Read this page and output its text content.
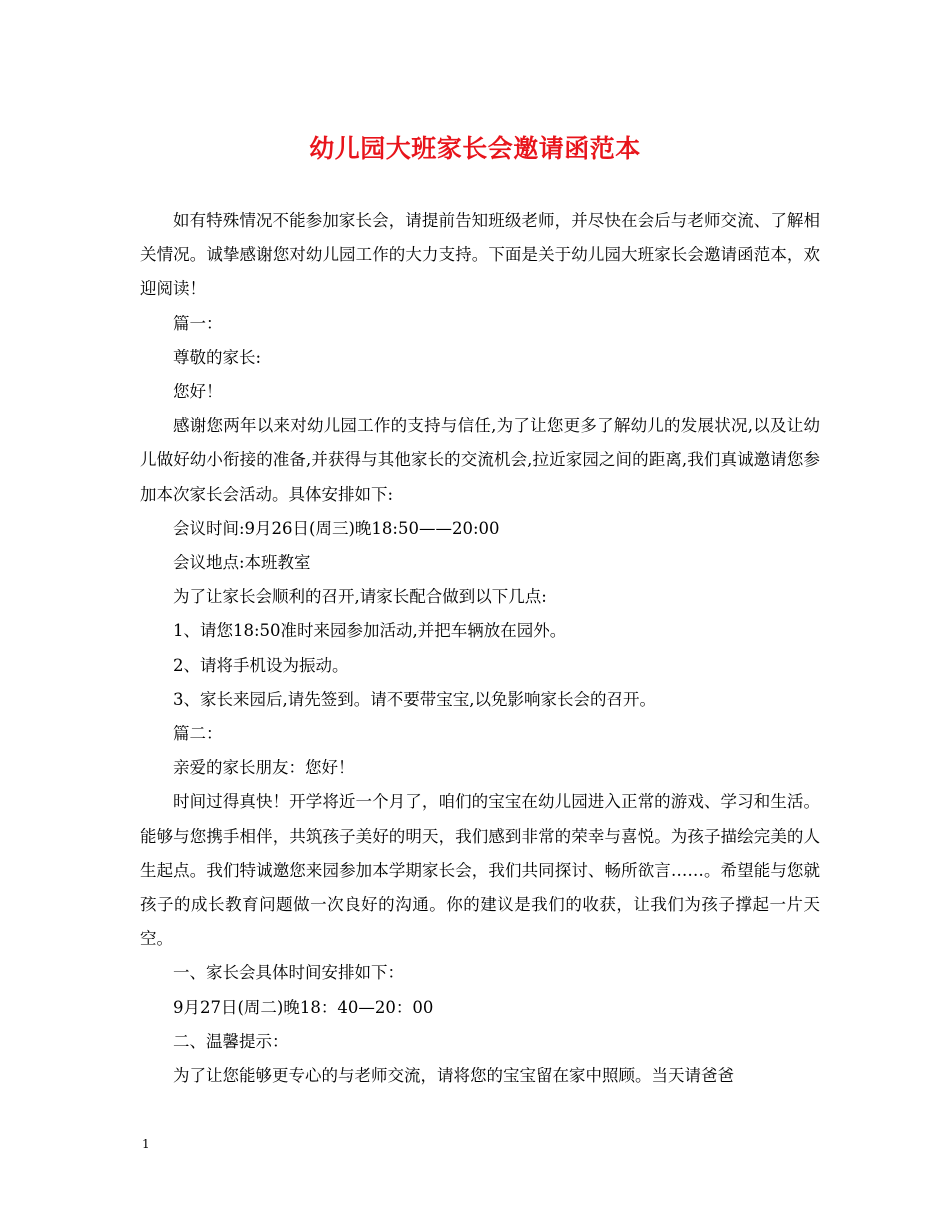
幼儿园大班家长会邀请函范本

如有特殊情况不能参加家长会，请提前告知班级老师，并尽快在会后与老师交流、了解相关情况。诚挚感谢您对幼儿园工作的大力支持。下面是关于幼儿园大班家长会邀请函范本，欢迎阅读！

篇一：

尊敬的家长:

您好！

感谢您两年以来对幼儿园工作的支持与信任,为了让您更多了解幼儿的发展状况,以及让幼儿做好幼小衔接的准备,并获得与其他家长的交流机会,拉近家园之间的距离,我们真诚邀请您参加本次家长会活动。具体安排如下:

会议时间:9月26日(周三)晚18:50——20:00

会议地点:本班教室

为了让家长会顺利的召开,请家长配合做到以下几点:

1、请您18:50准时来园参加活动,并把车辆放在园外。

2、请将手机设为振动。

3、家长来园后,请先签到。请不要带宝宝,以免影响家长会的召开。

篇二：

亲爱的家长朋友：您好！

时间过得真快！开学将近一个月了，咱们的宝宝在幼儿园进入正常的游戏、学习和生活。能够与您携手相伴，共筑孩子美好的明天，我们感到非常的荣幸与喜悦。为孩子描绘完美的人生起点。我们特诚邀您来园参加本学期家长会，我们共同探讨、畅所欲言……。希望能与您就孩子的成长教育问题做一次良好的沟通。你的建议是我们的收获，让我们为孩子撑起一片天空。

一、家长会具体时间安排如下：

9月27日(周二)晚18：40—20：00

二、温馨提示：

为了让您能够更专心的与老师交流，请将您的宝宝留在家中照顾。当天请爸爸

1
